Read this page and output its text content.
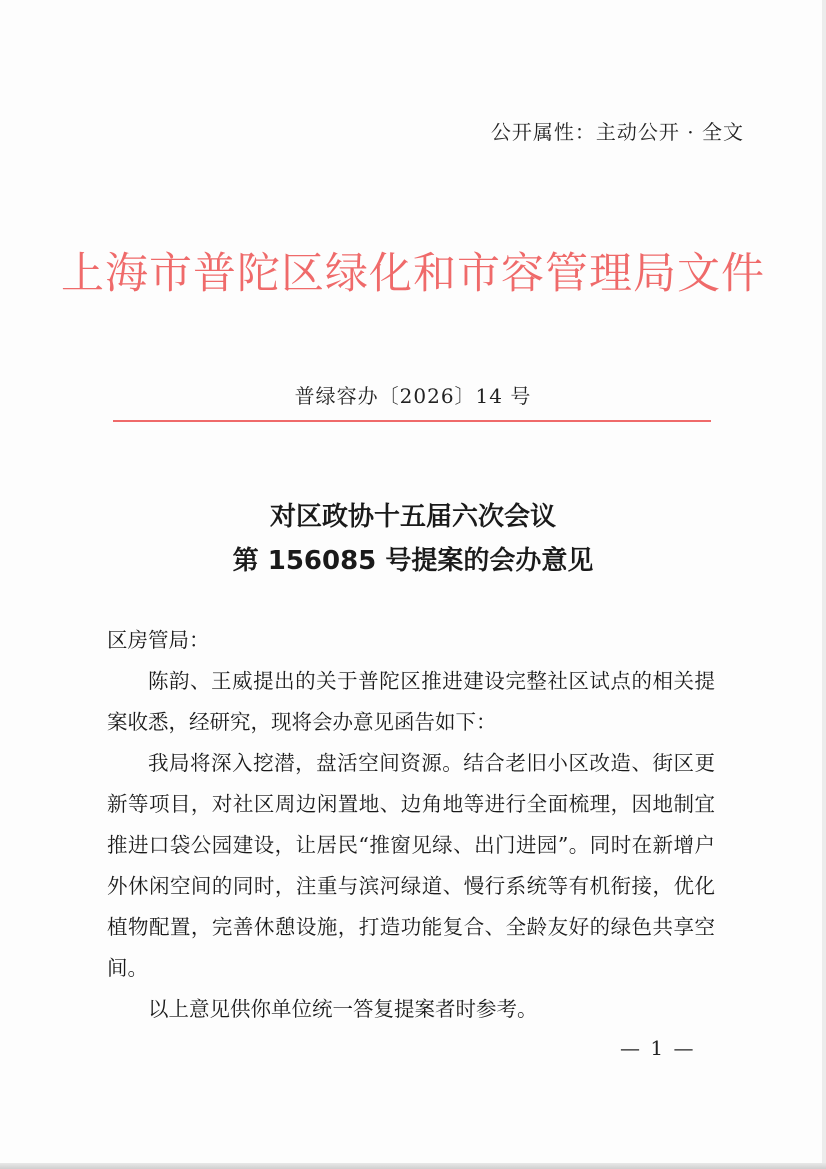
公开属性：主动公开 · 全文
上海市普陀区绿化和市容管理局文件
普绿容办〔2026〕14 号
对区政协十五届六次会议
第 156085 号提案的会办意见

区房管局：

陈韵、王威提出的关于普陀区推进建设完整社区试点的相关提案收悉，经研究，现将会办意见函告如下：

我局将深入挖潜，盘活空间资源。结合老旧小区改造、街区更新等项目，对社区周边闲置地、边角地等进行全面梳理，因地制宜推进口袋公园建设，让居民“推窗见绿、出门进园”。同时在新增户外休闲空间的同时，注重与滨河绿道、慢行系统等有机衔接，优化植物配置，完善休憩设施，打造功能复合、全龄友好的绿色共享空间。

以上意见供你单位统一答复提案者时参考。

— 1 —
